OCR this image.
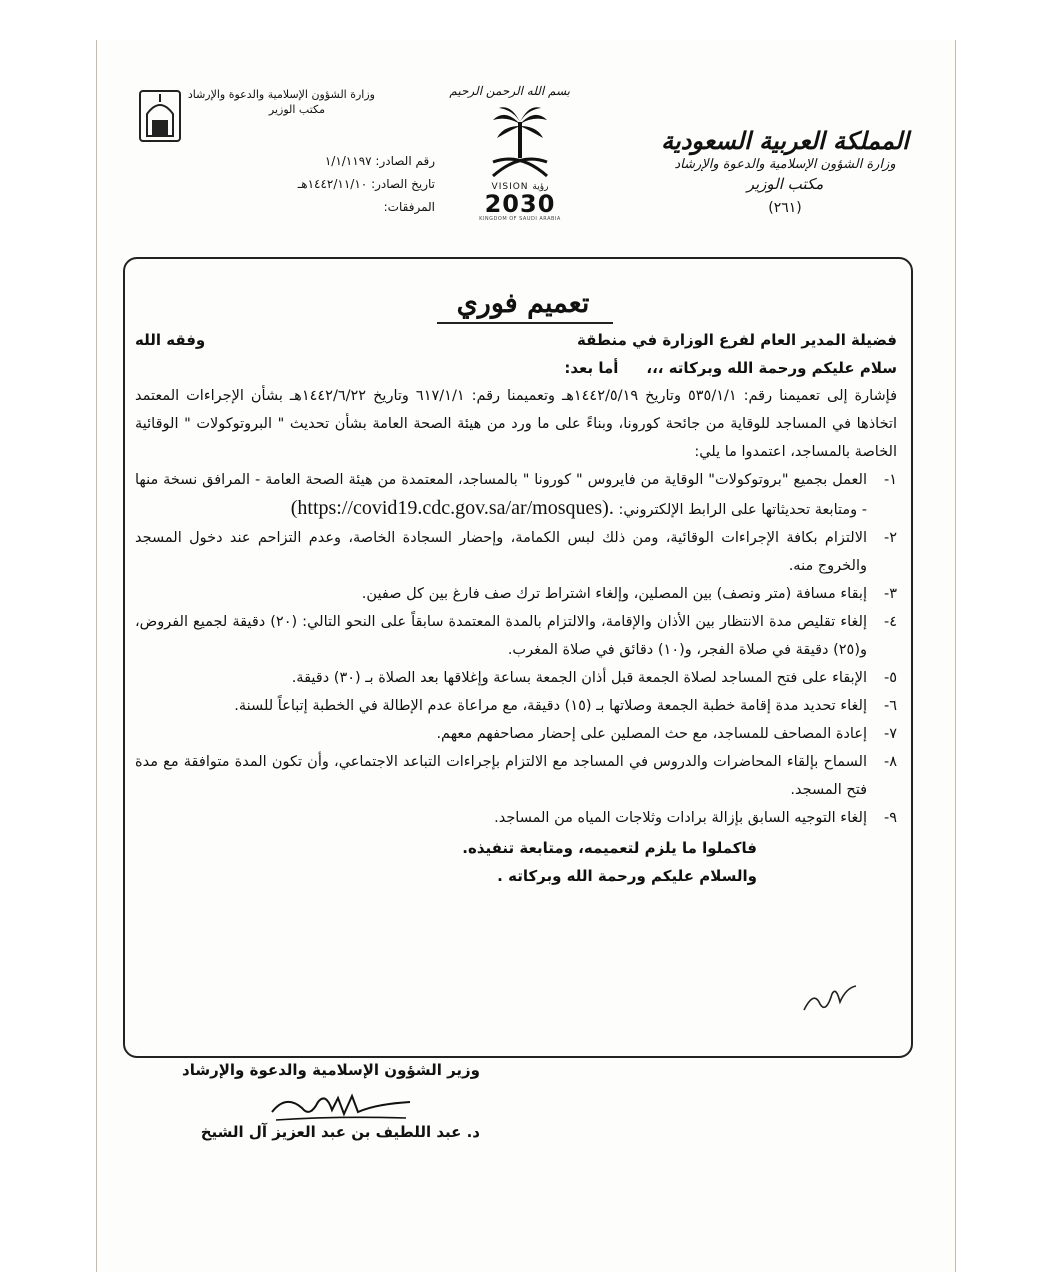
وزارة الشؤون الإسلامية والدعوة والإرشاد
مكتب الوزير
رقم الصادر: ١/١/١١٩٧
تاريخ الصادر: ١٤٤٢/١١/١٠هـ
المرفقات:
بسم الله الرحمن الرحيم
VISION رؤية
2030
KINGDOM OF SAUDI ARABIA
المملكة العربية السعودية
وزارة الشؤون الإسلامية والدعوة والإرشاد
مكتب الوزير
(٢٦١)
تعميم فوري
فضيلة المدير العام لفرع الوزارة في منطقة
وفقه الله
سلام عليكم ورحمة الله وبركاته ،،،أما بعد:
فإشارة إلى تعميمنا رقم: ٥٣٥/١/١ وتاريخ ١٤٤٢/٥/١٩هـ وتعميمنا رقم: ٦١٧/١/١ وتاريخ ١٤٤٢/٦/٢٢هـ بشأن الإجراءات المعتمد اتخاذها في المساجد للوقاية من جائحة كورونا، وبناءً على ما ورد من هيئة الصحة العامة بشأن تحديث " البروتوكولات " الوقائية الخاصة بالمساجد، اعتمدوا ما يلي:
١-
العمل بجميع "بروتوكولات" الوقاية من فايروس " كورونا " بالمساجد، المعتمدة من هيئة الصحة العامة - المرافق نسخة منها - ومتابعة تحديثاتها على الرابط الإلكتروني: (https://covid19.cdc.gov.sa/ar/mosques).
٢-
الالتزام بكافة الإجراءات الوقائية، ومن ذلك لبس الكمامة، وإحضار السجادة الخاصة، وعدم التزاحم عند دخول المسجد والخروج منه.
٣-
إبقاء مسافة (متر ونصف) بين المصلين، وإلغاء اشتراط ترك صف فارغ بين كل صفين.
٤-
إلغاء تقليص مدة الانتظار بين الأذان والإقامة، والالتزام بالمدة المعتمدة سابقاً على النحو التالي: (٢٠) دقيقة لجميع الفروض، و(٢٥) دقيقة في صلاة الفجر، و(١٠) دقائق في صلاة المغرب.
٥-
الإبقاء على فتح المساجد لصلاة الجمعة قبل أذان الجمعة بساعة وإغلاقها بعد الصلاة بـ (٣٠) دقيقة.
٦-
إلغاء تحديد مدة إقامة خطبة الجمعة وصلاتها بـ (١٥) دقيقة، مع مراعاة عدم الإطالة في الخطبة إتباعاً للسنة.
٧-
إعادة المصاحف للمساجد، مع حث المصلين على إحضار مصاحفهم معهم.
٨-
السماح بإلقاء المحاضرات والدروس في المساجد مع الالتزام بإجراءات التباعد الاجتماعي، وأن تكون المدة متوافقة مع مدة فتح المسجد.
٩-
إلغاء التوجيه السابق بإزالة برادات وثلاجات المياه من المساجد.
فاكملوا ما يلزم لتعميمه، ومتابعة تنفيذه.
والسلام عليكم ورحمة الله وبركاته .
وزير الشؤون الإسلامية والدعوة والإرشاد
د. عبد اللطيف بن عبد العزيز آل الشيخ
